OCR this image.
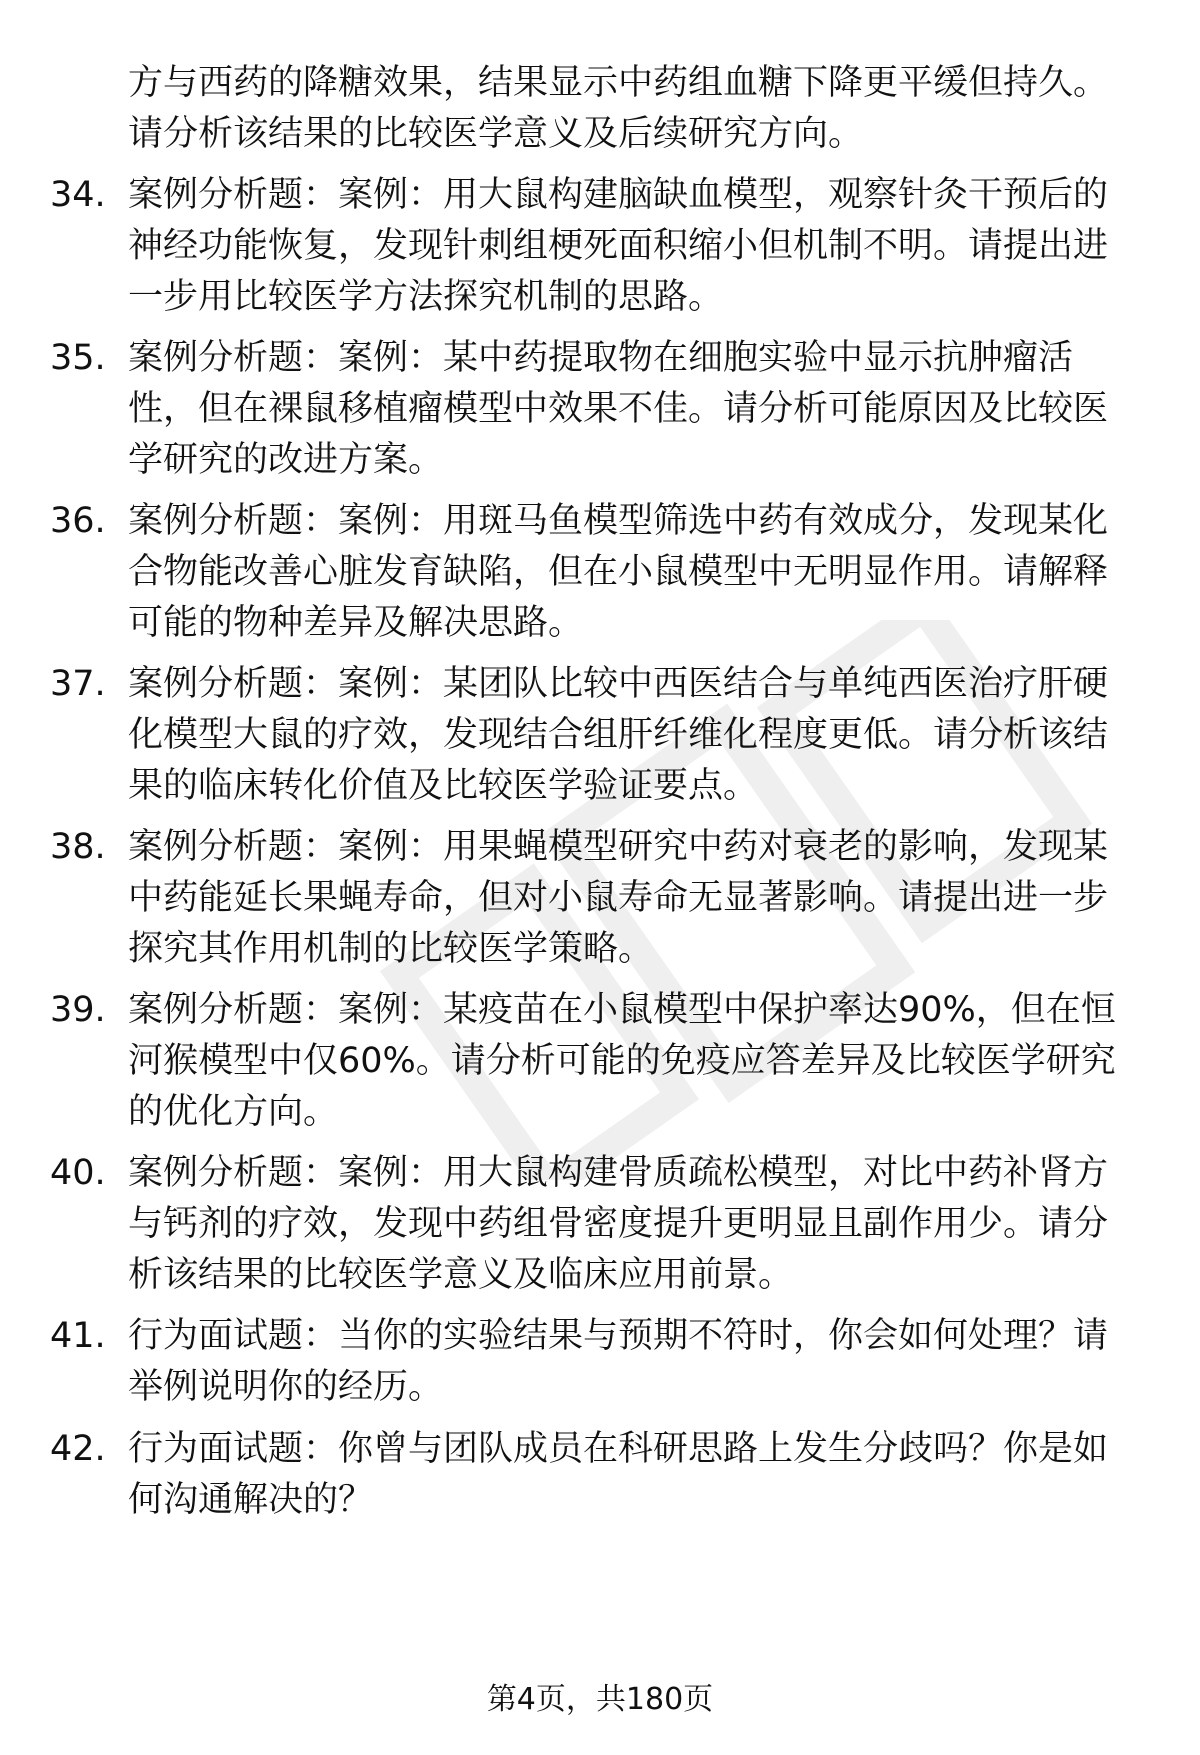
方与西药的降糖效果，结果显示中药组血糖下降更平缓但持久。
请分析该结果的比较医学意义及后续研究方向。
34. 案例分析题：案例：用大鼠构建脑缺血模型，观察针灸干预后的
神经功能恢复，发现针刺组梗死面积缩小但机制不明。请提出进
一步用比较医学方法探究机制的思路。
35. 案例分析题：案例：某中药提取物在细胞实验中显示抗肿瘤活
性，但在裸鼠移植瘤模型中效果不佳。请分析可能原因及比较医
学研究的改进方案。
36. 案例分析题：案例：用斑马鱼模型筛选中药有效成分，发现某化
合物能改善心脏发育缺陷，但在小鼠模型中无明显作用。请解释
可能的物种差异及解决思路。
37. 案例分析题：案例：某团队比较中西医结合与单纯西医治疗肝硬
化模型大鼠的疗效，发现结合组肝纤维化程度更低。请分析该结
果的临床转化价值及比较医学验证要点。
38. 案例分析题：案例：用果蝇模型研究中药对衰老的影响，发现某
中药能延长果蝇寿命，但对小鼠寿命无显著影响。请提出进一步
探究其作用机制的比较医学策略。
39. 案例分析题：案例：某疫苗在小鼠模型中保护率达90%，但在恒
河猴模型中仅60%。请分析可能的免疫应答差异及比较医学研究
的优化方向。
40. 案例分析题：案例：用大鼠构建骨质疏松模型，对比中药补肾方
与钙剂的疗效，发现中药组骨密度提升更明显且副作用少。请分
析该结果的比较医学意义及临床应用前景。
41. 行为面试题：当你的实验结果与预期不符时，你会如何处理？请
举例说明你的经历。
42. 行为面试题：你曾与团队成员在科研思路上发生分歧吗？你是如
何沟通解决的？
第4页，共180页
